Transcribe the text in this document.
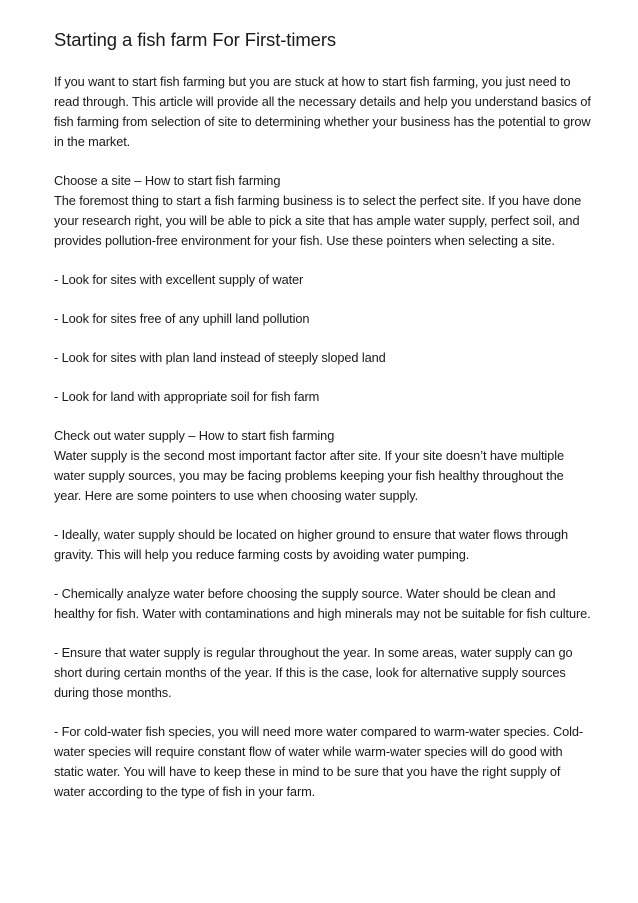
Starting a fish farm For First-timers

If you want to start fish farming but you are stuck at how to start fish farming, you just need to read through. This article will provide all the necessary details and help you understand basics of fish farming from selection of site to determining whether your business has the potential to grow in the market.

Choose a site – How to start fish farming

The foremost thing to start a fish farming business is to select the perfect site. If you have done your research right, you will be able to pick a site that has ample water supply, perfect soil, and provides pollution-free environment for your fish. Use these pointers when selecting a site.

- Look for sites with excellent supply of water

- Look for sites free of any uphill land pollution

- Look for sites with plan land instead of steeply sloped land

- Look for land with appropriate soil for fish farm

Check out water supply – How to start fish farming

Water supply is the second most important factor after site. If your site doesn’t have multiple water supply sources, you may be facing problems keeping your fish healthy throughout the year. Here are some pointers to use when choosing water supply.

- Ideally, water supply should be located on higher ground to ensure that water flows through gravity. This will help you reduce farming costs by avoiding water pumping.

- Chemically analyze water before choosing the supply source. Water should be clean and healthy for fish. Water with contaminations and high minerals may not be suitable for fish culture.

- Ensure that water supply is regular throughout the year. In some areas, water supply can go short during certain months of the year. If this is the case, look for alternative supply sources during those months.

- For cold-water fish species, you will need more water compared to warm-water species. Cold-water species will require constant flow of water while warm-water species will do good with static water. You will have to keep these in mind to be sure that you have the right supply of water according to the type of fish in your farm.
